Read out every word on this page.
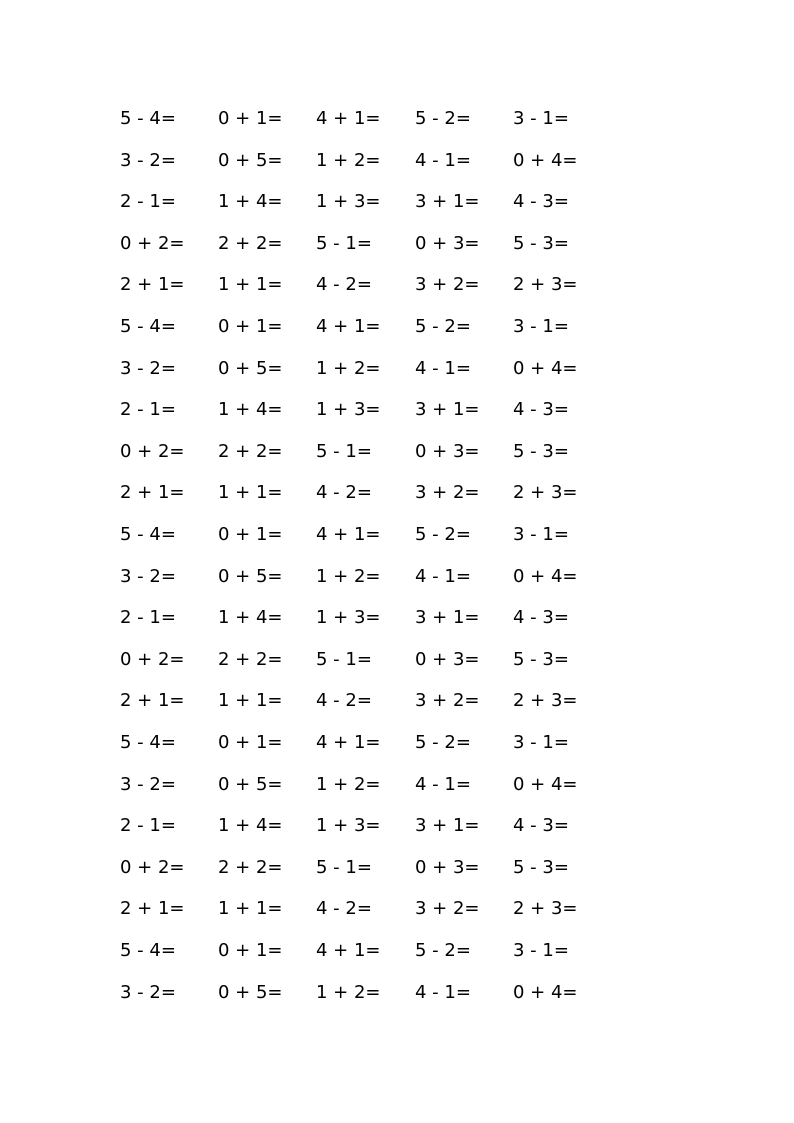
5 - 4= 0 + 1= 4 + 1= 5 - 2= 3 - 1=
3 - 2= 0 + 5= 1 + 2= 4 - 1= 0 + 4=
2 - 1= 1 + 4= 1 + 3= 3 + 1= 4 - 3=
0 + 2= 2 + 2= 5 - 1= 0 + 3= 5 - 3=
2 + 1= 1 + 1= 4 - 2= 3 + 2= 2 + 3=
5 - 4= 0 + 1= 4 + 1= 5 - 2= 3 - 1=
3 - 2= 0 + 5= 1 + 2= 4 - 1= 0 + 4=
2 - 1= 1 + 4= 1 + 3= 3 + 1= 4 - 3=
0 + 2= 2 + 2= 5 - 1= 0 + 3= 5 - 3=
2 + 1= 1 + 1= 4 - 2= 3 + 2= 2 + 3=
5 - 4= 0 + 1= 4 + 1= 5 - 2= 3 - 1=
3 - 2= 0 + 5= 1 + 2= 4 - 1= 0 + 4=
2 - 1= 1 + 4= 1 + 3= 3 + 1= 4 - 3=
0 + 2= 2 + 2= 5 - 1= 0 + 3= 5 - 3=
2 + 1= 1 + 1= 4 - 2= 3 + 2= 2 + 3=
5 - 4= 0 + 1= 4 + 1= 5 - 2= 3 - 1=
3 - 2= 0 + 5= 1 + 2= 4 - 1= 0 + 4=
2 - 1= 1 + 4= 1 + 3= 3 + 1= 4 - 3=
0 + 2= 2 + 2= 5 - 1= 0 + 3= 5 - 3=
2 + 1= 1 + 1= 4 - 2= 3 + 2= 2 + 3=
5 - 4= 0 + 1= 4 + 1= 5 - 2= 3 - 1=
3 - 2= 0 + 5= 1 + 2= 4 - 1= 0 + 4=
